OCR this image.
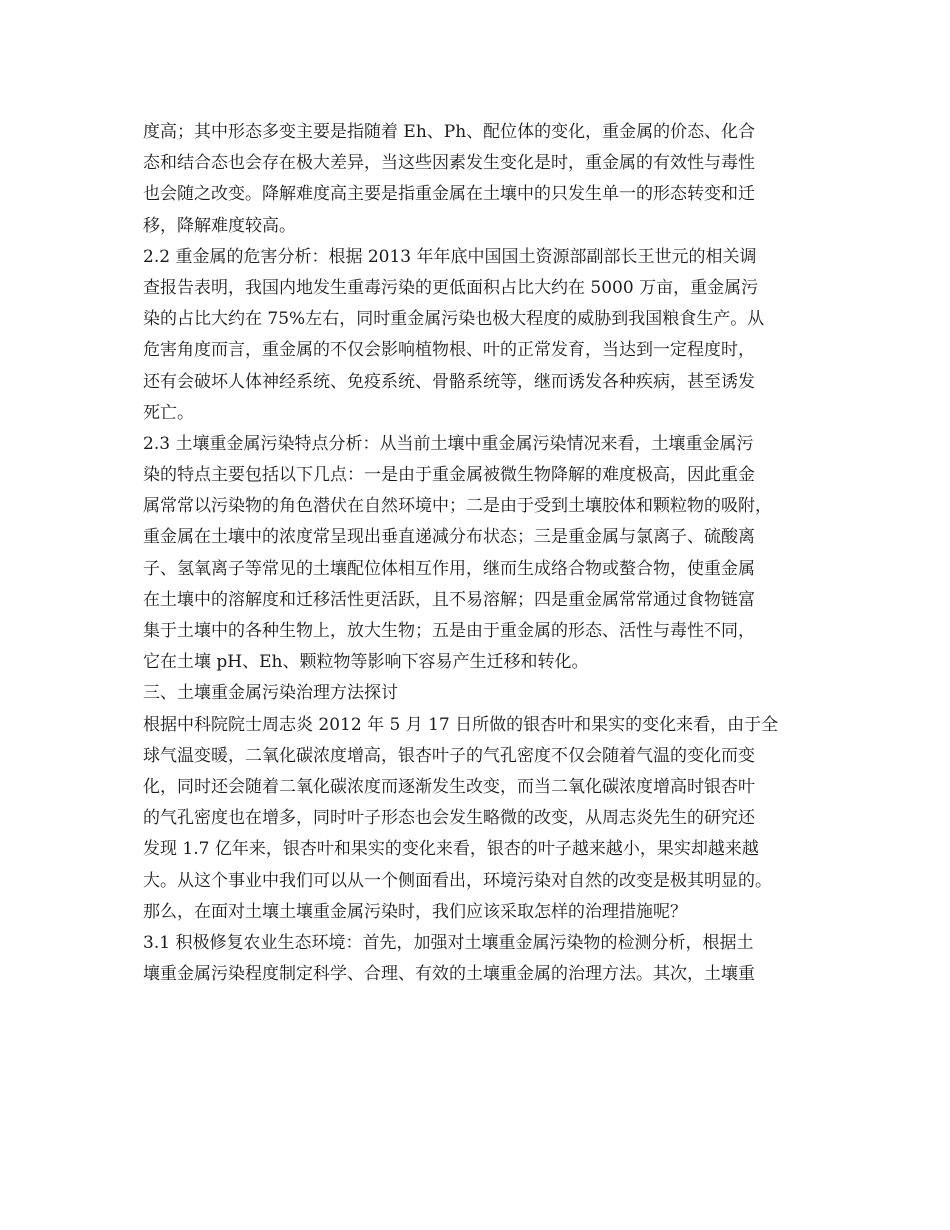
度高；其中形态多变主要是指随着 Eh、Ph、配位体的变化，重金属的价态、化合
态和结合态也会存在极大差异，当这些因素发生变化是时，重金属的有效性与毒性
也会随之改变。降解难度高主要是指重金属在土壤中的只发生单一的形态转变和迁
移，降解难度较高。
2.2 重金属的危害分析：根据 2013 年年底中国国土资源部副部长王世元的相关调
查报告表明，我国内地发生重毒污染的更低面积占比大约在 5000 万亩，重金属污
染的占比大约在 75%左右，同时重金属污染也极大程度的威胁到我国粮食生产。从
危害角度而言，重金属的不仅会影响植物根、叶的正常发育，当达到一定程度时，
还有会破坏人体神经系统、免疫系统、骨骼系统等，继而诱发各种疾病，甚至诱发
死亡。
2.3 土壤重金属污染特点分析：从当前土壤中重金属污染情况来看，土壤重金属污
染的特点主要包括以下几点：一是由于重金属被微生物降解的难度极高，因此重金
属常常以污染物的角色潜伏在自然环境中；二是由于受到土壤胶体和颗粒物的吸附，
重金属在土壤中的浓度常呈现出垂直递减分布状态；三是重金属与氯离子、硫酸离
子、氢氧离子等常见的土壤配位体相互作用，继而生成络合物或螯合物，使重金属
在土壤中的溶解度和迁移活性更活跃，且不易溶解；四是重金属常常通过食物链富
集于土壤中的各种生物上，放大生物；五是由于重金属的形态、活性与毒性不同，
它在土壤 pH、Eh、颗粒物等影响下容易产生迁移和转化。
三、土壤重金属污染治理方法探讨
根据中科院院士周志炎 2012 年 5 月 17 日所做的银杏叶和果实的变化来看，由于全
球气温变暖，二氧化碳浓度增高，银杏叶子的气孔密度不仅会随着气温的变化而变
化，同时还会随着二氧化碳浓度而逐渐发生改变，而当二氧化碳浓度增高时银杏叶
的气孔密度也在增多，同时叶子形态也会发生略微的改变，从周志炎先生的研究还
发现 1.7 亿年来，银杏叶和果实的变化来看，银杏的叶子越来越小，果实却越来越
大。从这个事业中我们可以从一个侧面看出，环境污染对自然的改变是极其明显的。
那么，在面对土壤土壤重金属污染时，我们应该采取怎样的治理措施呢？
3.1 积极修复农业生态环境：首先，加强对土壤重金属污染物的检测分析，根据土
壤重金属污染程度制定科学、合理、有效的土壤重金属的治理方法。其次，土壤重
